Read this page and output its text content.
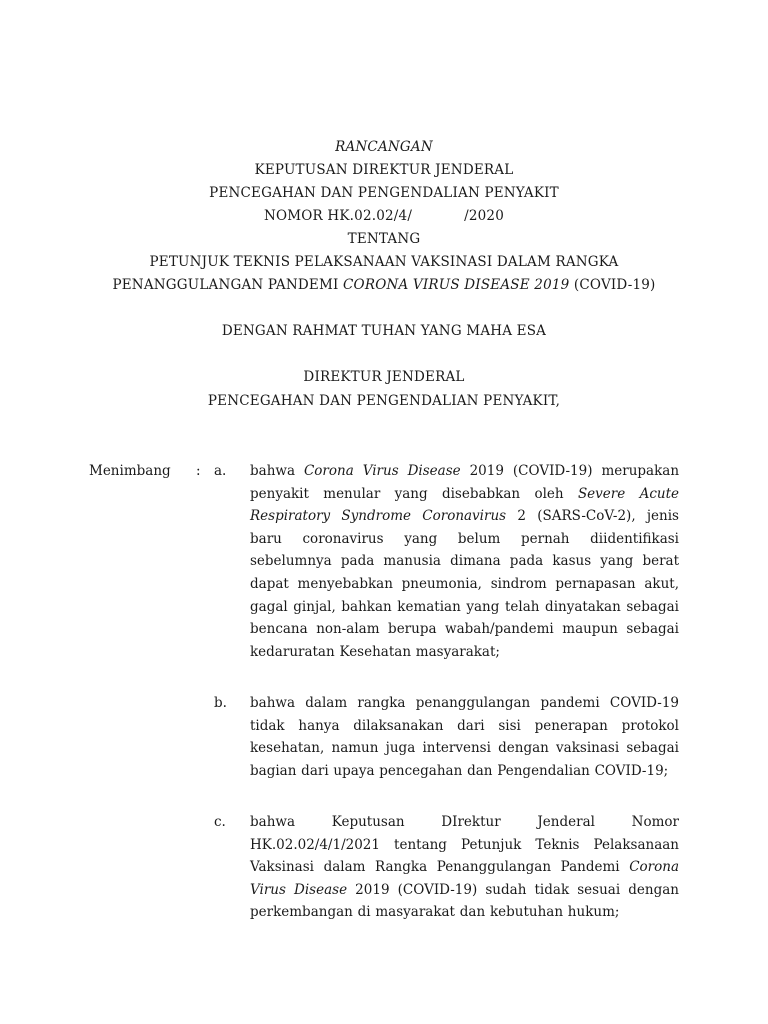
RANCANGAN
KEPUTUSAN DIREKTUR JENDERAL
PENCEGAHAN DAN PENGENDALIAN PENYAKIT
NOMOR HK.02.02/4/	/2020
TENTANG
PETUNJUK TEKNIS PELAKSANAAN VAKSINASI DALAM RANGKA
PENANGGULANGAN PANDEMI CORONA VIRUS DISEASE 2019 (COVID-19)
DENGAN RAHMAT TUHAN YANG MAHA ESA
DIREKTUR JENDERAL
PENCEGAHAN DAN PENGENDALIAN PENYAKIT,
Menimbang : a. bahwa Corona Virus Disease 2019 (COVID-19) merupakan penyakit menular yang disebabkan oleh Severe Acute Respiratory Syndrome Coronavirus 2 (SARS-CoV-2), jenis baru coronavirus yang belum pernah diidentifikasi sebelumnya pada manusia dimana pada kasus yang berat dapat menyebabkan pneumonia, sindrom pernapasan akut, gagal ginjal, bahkan kematian yang telah dinyatakan sebagai bencana non-alam berupa wabah/pandemi maupun sebagai kedaruratan Kesehatan masyarakat;
b. bahwa dalam rangka penanggulangan pandemi COVID-19 tidak hanya dilaksanakan dari sisi penerapan protokol kesehatan, namun juga intervensi dengan vaksinasi sebagai bagian dari upaya pencegahan dan Pengendalian COVID-19;
c. bahwa Keputusan DIrektur Jenderal Nomor HK.02.02/4/1/2021 tentang Petunjuk Teknis Pelaksanaan Vaksinasi dalam Rangka Penanggulangan Pandemi Corona Virus Disease 2019 (COVID-19) sudah tidak sesuai dengan perkembangan di masyarakat dan kebutuhan hukum;
